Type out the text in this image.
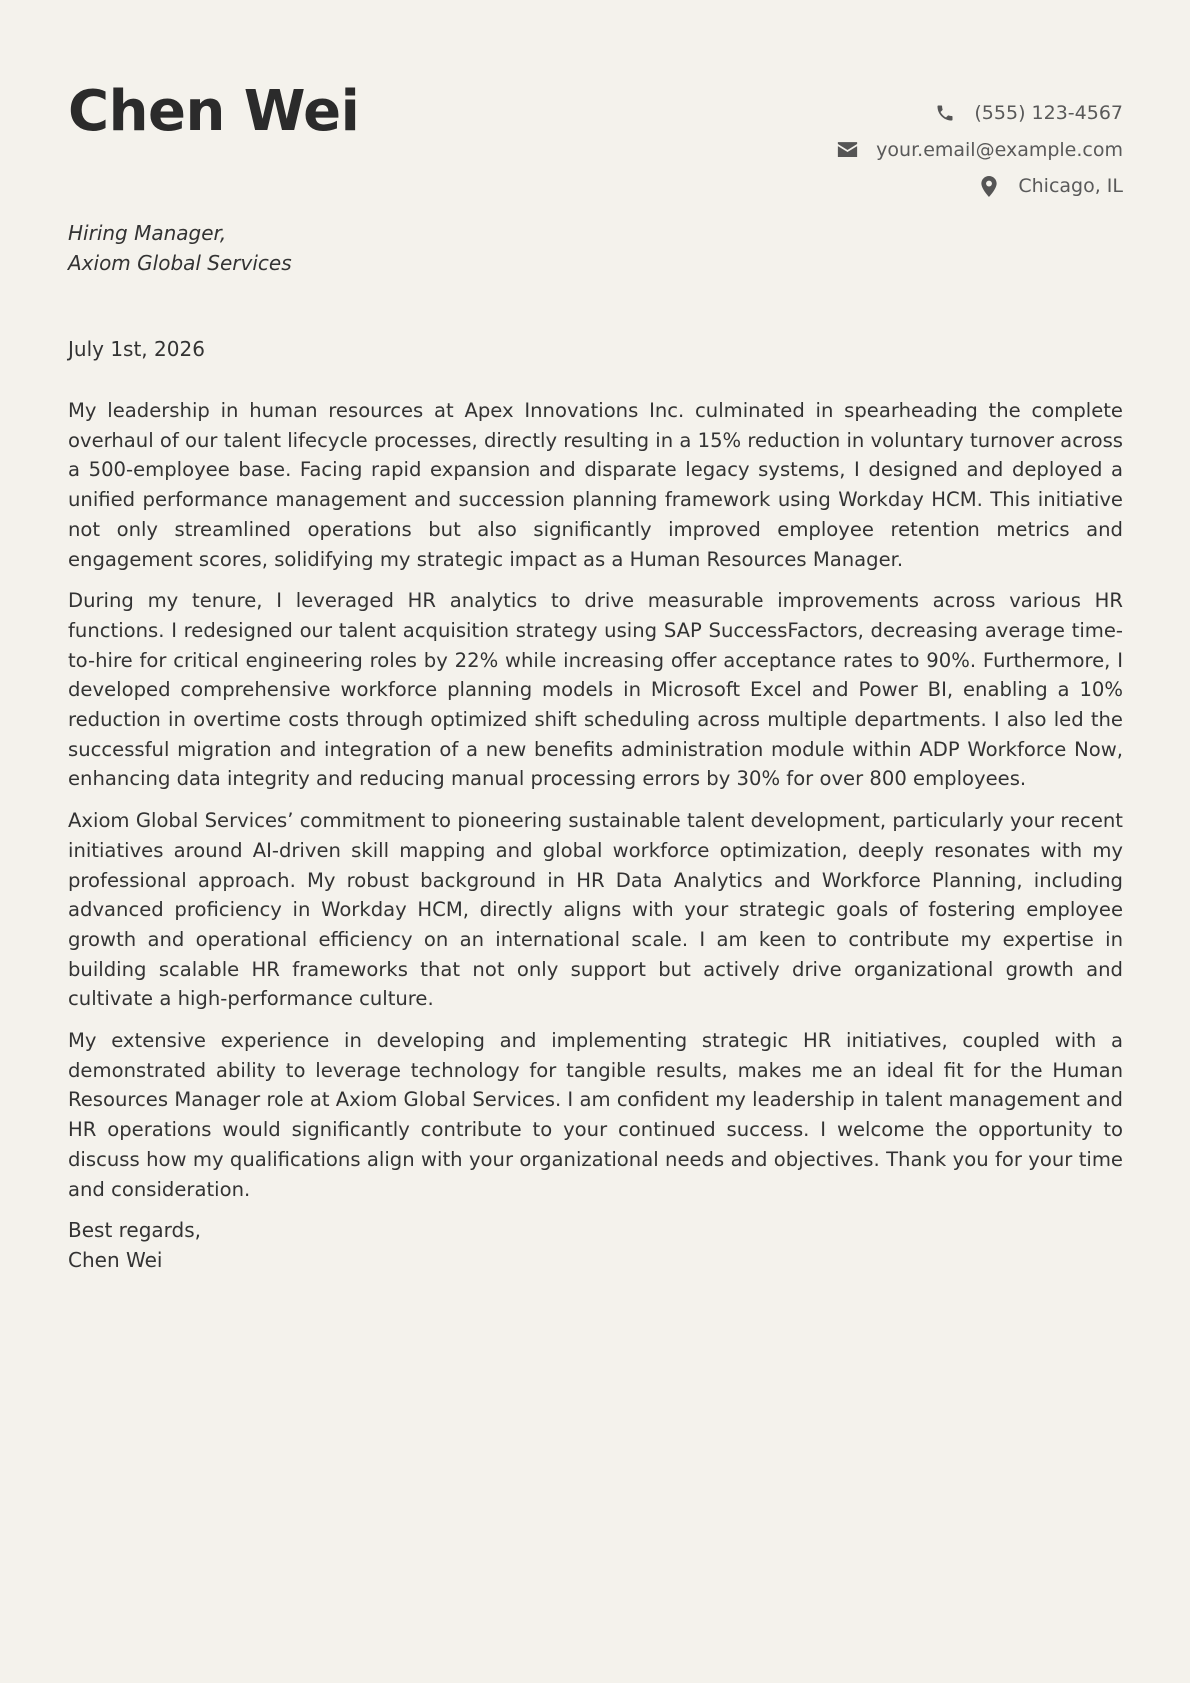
Chen Wei	(555) 123-4567
your.email@example.com
Chicago, IL
Hiring Manager,
Axiom Global Services
July 1st, 2026

My leadership in human resources at Apex Innovations Inc. culminated in spearheading the complete overhaul of our talent lifecycle processes, directly resulting in a 15% reduction in voluntary turnover across a 500-employee base. Facing rapid expansion and disparate legacy systems, I designed and deployed a unified performance management and succession planning framework using Workday HCM. This initiative not only streamlined operations but also significantly improved employee retention metrics and engagement scores, solidifying my strategic impact as a Human Resources Manager.

During my tenure, I leveraged HR analytics to drive measurable improvements across various HR functions. I redesigned our talent acquisition strategy using SAP SuccessFactors, decreasing average time-to-hire for critical engineering roles by 22% while increasing offer acceptance rates to 90%. Furthermore, I developed comprehensive workforce planning models in Microsoft Excel and Power BI, enabling a 10% reduction in overtime costs through optimized shift scheduling across multiple departments. I also led the successful migration and integration of a new benefits administration module within ADP Workforce Now, enhancing data integrity and reducing manual processing errors by 30% for over 800 employees.

Axiom Global Services’ commitment to pioneering sustainable talent development, particularly your recent initiatives around AI-driven skill mapping and global workforce optimization, deeply resonates with my professional approach. My robust background in HR Data Analytics and Workforce Planning, including advanced proficiency in Workday HCM, directly aligns with your strategic goals of fostering employee growth and operational efficiency on an international scale. I am keen to contribute my expertise in building scalable HR frameworks that not only support but actively drive organizational growth and cultivate a high-performance culture.

My extensive experience in developing and implementing strategic HR initiatives, coupled with a demonstrated ability to leverage technology for tangible results, makes me an ideal fit for the Human Resources Manager role at Axiom Global Services. I am confident my leadership in talent management and HR operations would significantly contribute to your continued success. I welcome the opportunity to discuss how my qualifications align with your organizational needs and objectives. Thank you for your time and consideration.

Best regards,
Chen Wei
